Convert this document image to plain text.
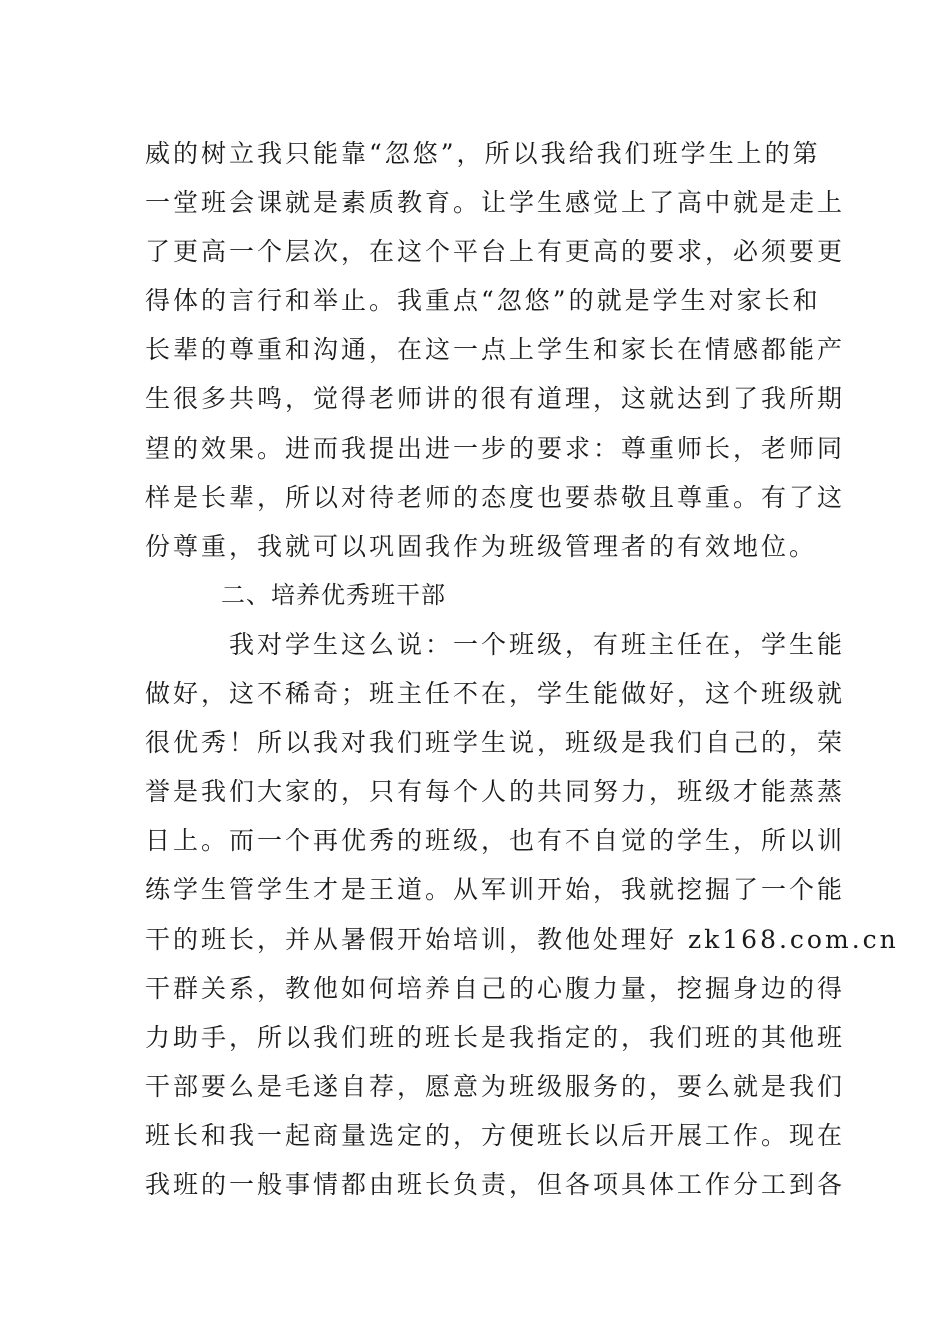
威的树立我只能靠“忽悠”，所以我给我们班学生上的第
一堂班会课就是素质教育。让学生感觉上了高中就是走上
了更高一个层次，在这个平台上有更高的要求，必须要更
得体的言行和举止。我重点“忽悠”的就是学生对家长和
长辈的尊重和沟通，在这一点上学生和家长在情感都能产
生很多共鸣，觉得老师讲的很有道理，这就达到了我所期
望的效果。进而我提出进一步的要求：尊重师长，老师同
样是长辈，所以对待老师的态度也要恭敬且尊重。有了这
份尊重，我就可以巩固我作为班级管理者的有效地位。
二、培养优秀班干部
我对学生这么说：一个班级，有班主任在，学生能
做好，这不稀奇；班主任不在，学生能做好，这个班级就
很优秀！所以我对我们班学生说，班级是我们自己的，荣
誉是我们大家的，只有每个人的共同努力，班级才能蒸蒸
日上。而一个再优秀的班级，也有不自觉的学生，所以训
练学生管学生才是王道。从军训开始，我就挖掘了一个能
干的班长，并从暑假开始培训，教他处理好 zk168.com.cn
干群关系，教他如何培养自己的心腹力量，挖掘身边的得
力助手，所以我们班的班长是我指定的，我们班的其他班
干部要么是毛遂自荐，愿意为班级服务的，要么就是我们
班长和我一起商量选定的，方便班长以后开展工作。现在
我班的一般事情都由班长负责，但各项具体工作分工到各
